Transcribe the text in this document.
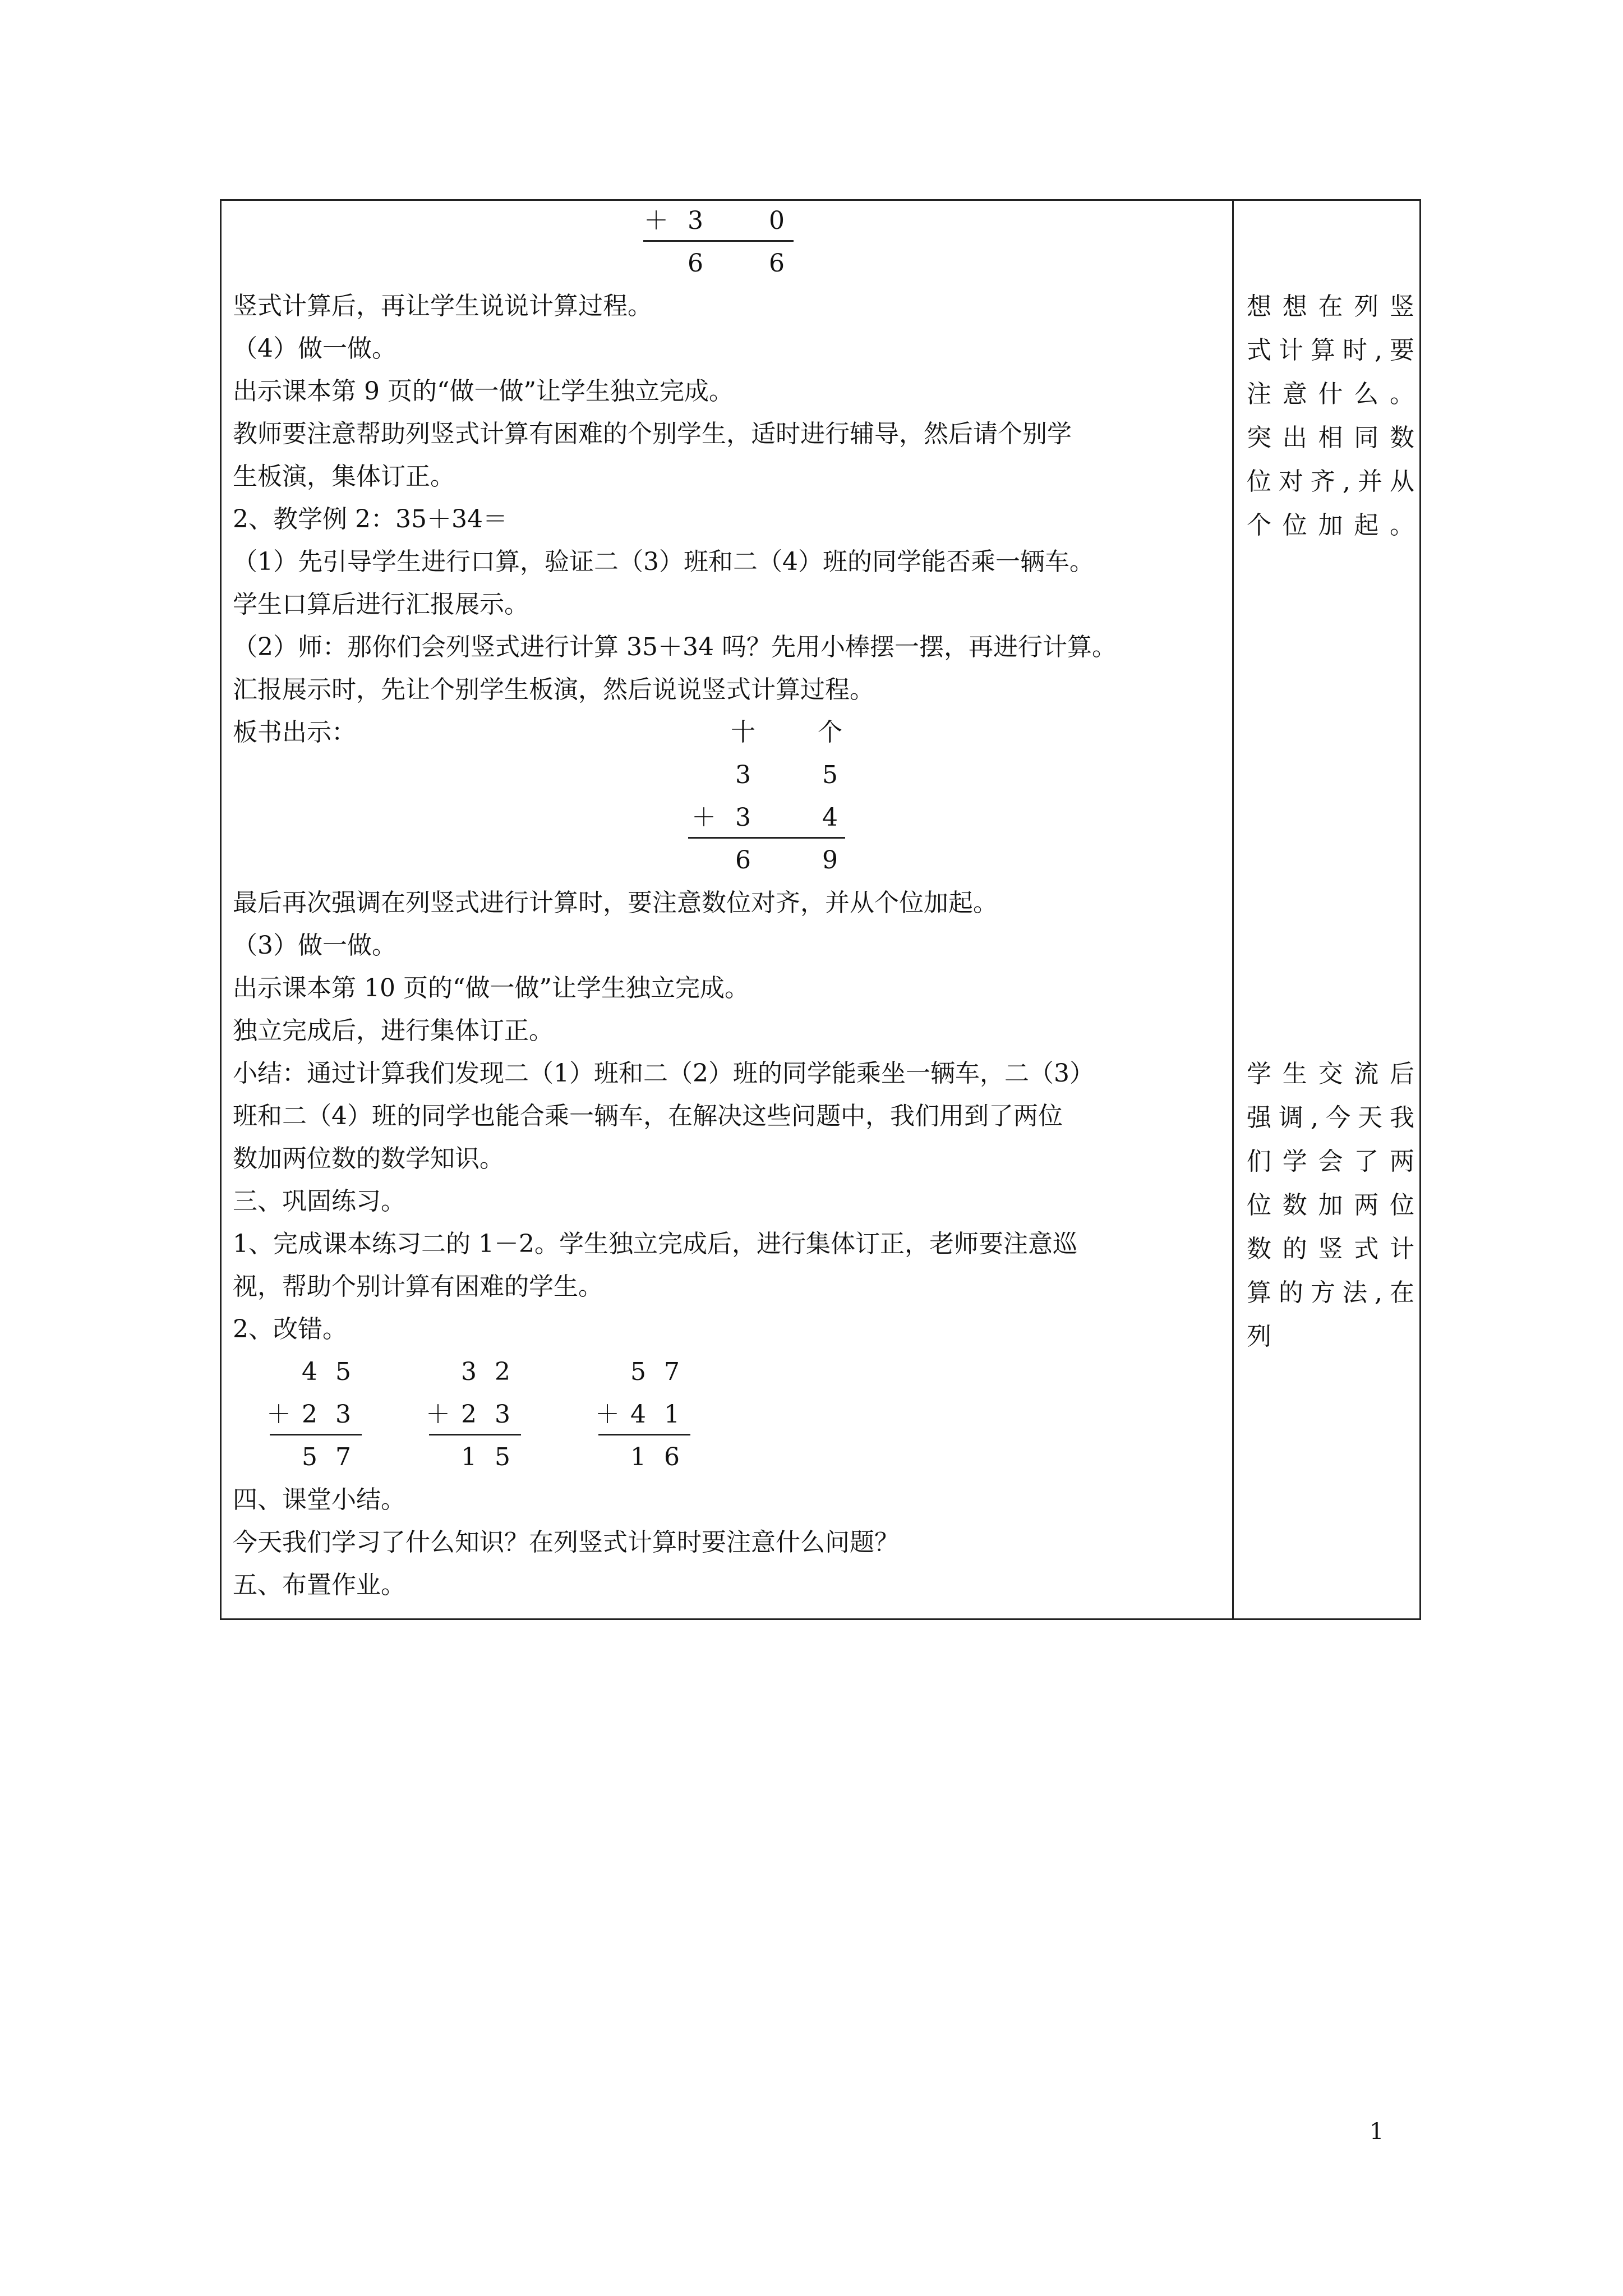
＋ 3	0
6	6
竖式计算后，再让学生说说计算过程。
（4）做一做。
出示课本第 9 页的“做一做”让学生独立完成。
教师要注意帮助列竖式计算有困难的个别学生，适时进行辅导，然后请个别学
生板演，集体订正。
2、教学例 2：35＋34＝
（1）先引导学生进行口算，验证二（3）班和二（4）班的同学能否乘一辆车。
学生口算后进行汇报展示。
（2）师：那你们会列竖式进行计算 35＋34 吗？先用小棒摆一摆，再进行计算。
汇报展示时，先让个别学生板演，然后说说竖式计算过程。
板书出示：	十	个
3	5
＋ 3	4
6	9
最后再次强调在列竖式进行计算时，要注意数位对齐，并从个位加起。
（3）做一做。
出示课本第 10 页的“做一做”让学生独立完成。
独立完成后，进行集体订正。
小结：通过计算我们发现二（1）班和二（2）班的同学能乘坐一辆车，二（3）
班和二（4）班的同学也能合乘一辆车，在解决这些问题中，我们用到了两位
数加两位数的数学知识。
三、巩固练习。
1、完成课本练习二的 1－2。学生独立完成后，进行集体订正，老师要注意巡
视，帮助个别计算有困难的学生。
2、改错。
4 5
＋ 2 3
5 7
3 2
＋ 2 3
1 5
5 7
＋ 4 1
1 6
四、课堂小结。
今天我们学习了什么知识？在列竖式计算时要注意什么问题？
五、布置作业。
想想在列竖
式计算时,要
注意什么。
突出相同数
位对齐,并从
个位加起。
学生交流后
强调,今天我
们学会了两
位数加两位
数的竖式计
算的方法,在
列
1
